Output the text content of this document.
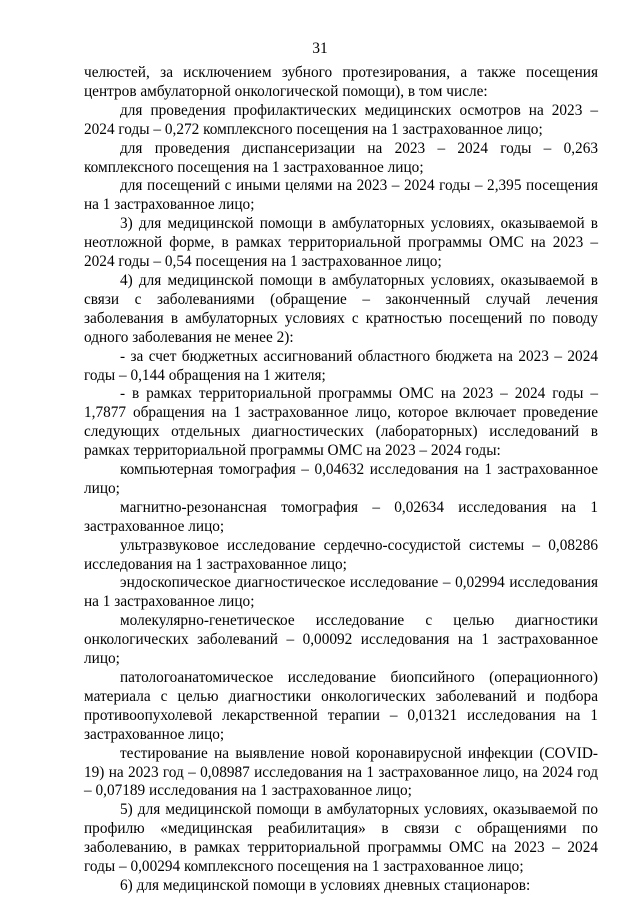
31

челюстей, за исключением зубного протезирования, а также посещения центров амбулаторной онкологической помощи), в том числе:

для проведения профилактических медицинских осмотров на 2023 – 2024 годы – 0,272 комплексного посещения на 1 застрахованное лицо;

для проведения диспансеризации на 2023 – 2024 годы – 0,263 комплексного посещения на 1 застрахованное лицо;

для посещений с иными целями на 2023 – 2024 годы – 2,395 посещения на 1 застрахованное лицо;

3) для медицинской помощи в амбулаторных условиях, оказываемой в неотложной форме, в рамках территориальной программы ОМС на 2023 – 2024 годы – 0,54 посещения на 1 застрахованное лицо;

4) для медицинской помощи в амбулаторных условиях, оказываемой в связи с заболеваниями (обращение – законченный случай лечения заболевания в амбулаторных условиях с кратностью посещений по поводу одного заболевания не менее 2):

- за счет бюджетных ассигнований областного бюджета на 2023 – 2024 годы – 0,144 обращения на 1 жителя;

- в рамках территориальной программы ОМС на 2023 – 2024 годы – 1,7877 обращения на 1 застрахованное лицо, которое включает проведение следующих отдельных диагностических (лабораторных) исследований в рамках территориальной программы ОМС на 2023 – 2024 годы:

компьютерная томография – 0,04632 исследования на 1 застрахованное лицо;

магнитно-резонансная томография – 0,02634 исследования на 1 застрахованное лицо;

ультразвуковое исследование сердечно-сосудистой системы – 0,08286 исследования на 1 застрахованное лицо;

эндоскопическое диагностическое исследование – 0,02994 исследования на 1 застрахованное лицо;

молекулярно-генетическое исследование с целью диагностики онкологических заболеваний – 0,00092 исследования на 1 застрахованное лицо;

патологоанатомическое исследование биопсийного (операционного) материала с целью диагностики онкологических заболеваний и подбора противоопухолевой лекарственной терапии – 0,01321 исследования на 1 застрахованное лицо;

тестирование на выявление новой коронавирусной инфекции (COVID-19) на 2023 год – 0,08987 исследования на 1 застрахованное лицо, на 2024 год – 0,07189 исследования на 1 застрахованное лицо;

5) для медицинской помощи в амбулаторных условиях, оказываемой по профилю «медицинская реабилитация» в связи с обращениями по заболеванию, в рамках территориальной программы ОМС на 2023 – 2024 годы – 0,00294 комплексного посещения на 1 застрахованное лицо;

6) для медицинской помощи в условиях дневных стационаров:
